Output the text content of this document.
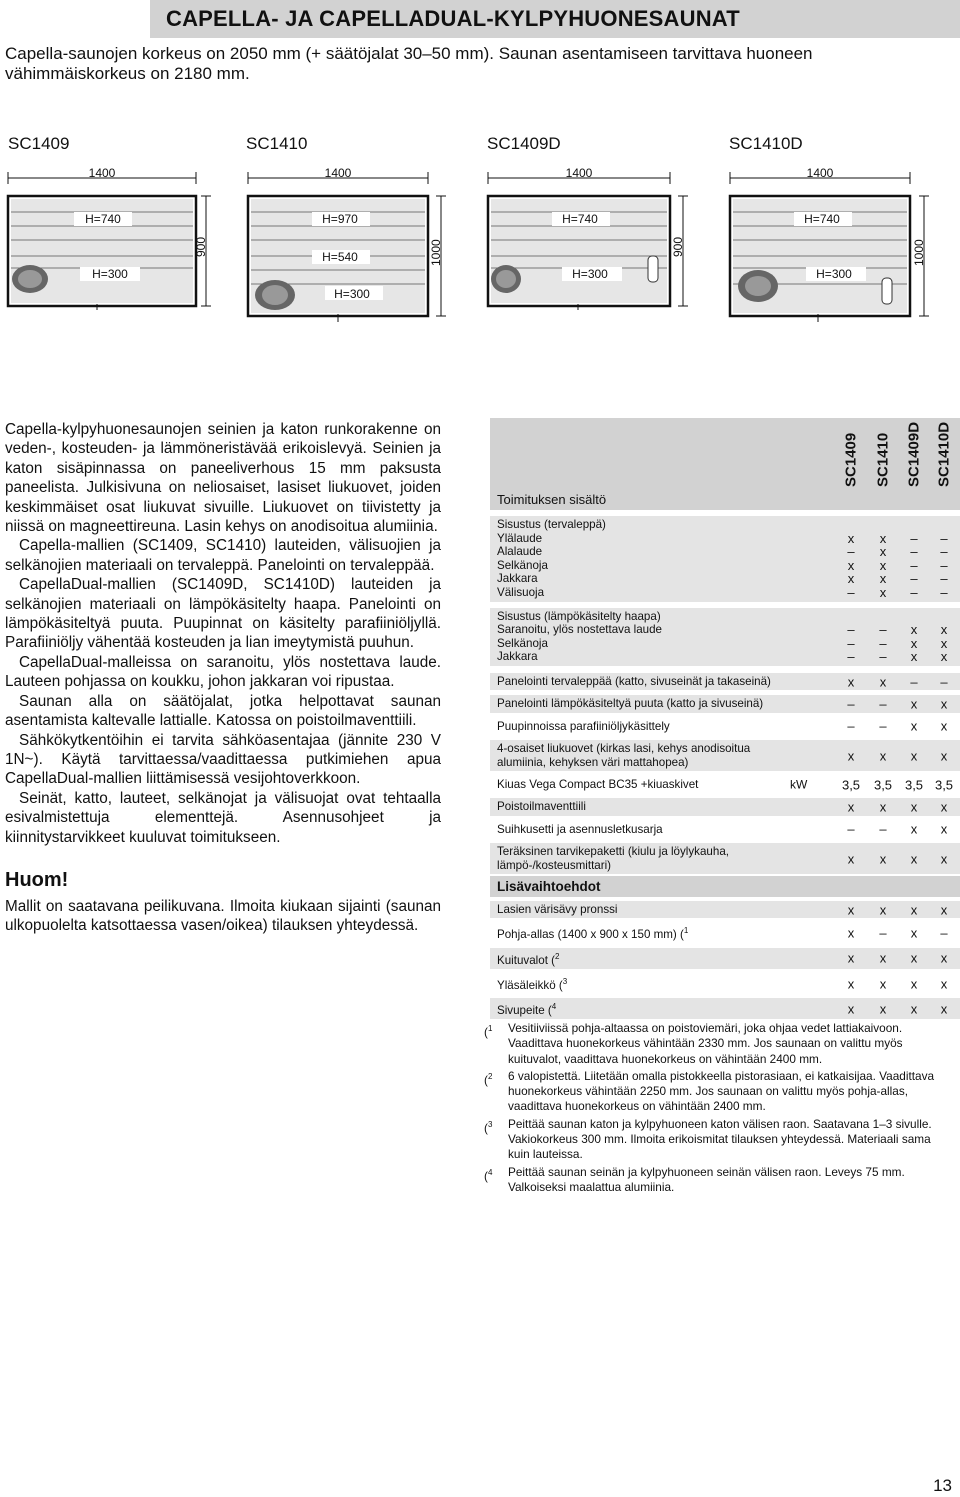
CAPELLA- JA CAPELLADUAL-KYLPYHUONESAUNAT
Capella-saunojen korkeus on 2050 mm (+ säätöjalat 30–50 mm). Saunan asentamiseen tarvittava huoneen vähimmäiskorkeus on 2180 mm.
SC1409	SC1410	SC1409D	SC1410D
1400
H=740
H=300
900
1400
H=970
H=540
H=300
1000
1400
H=740
H=300
900
1400
H=740
H=300
1000

Capella-kylpyhuonesaunojen seinien ja katon runkorakenne on veden-, kosteuden- ja lämmöneristävää erikoislevyä. Seinien ja katon sisäpinnassa on paneeliverhous 15 mm paksusta paneelista. Julkisivuna on neliosaiset, lasiset liukuovet, joiden keskimmäiset osat liukuvat sivuille. Liukuovet on tiivistetty ja niissä on magneettireuna. Lasin kehys on anodisoitua alumiinia.

Capella-mallien (SC1409, SC1410) lauteiden, välisuojien ja selkänojien materiaali on tervaleppä. Panelointi on tervaleppää.

CapellaDual-mallien (SC1409D, SC1410D) lauteiden ja selkänojien materiaali on lämpökäsitelty haapa. Panelointi on lämpökäsiteltyä puuta. Puupinnat on käsitelty parafiiniöljyllä. Parafiiniöljy vähentää kosteuden ja lian imeytymistä puuhun.

CapellaDual-malleissa on saranoitu, ylös nostettava laude. Lauteen pohjassa on koukku, johon jakkaran voi ripustaa.

Saunan alla on säätöjalat, jotka helpottavat saunan asentamista kaltevalle lattialle. Katossa on poistoilmaventtiili.

Sähkökytkentöihin ei tarvita sähköasentajaa (jännite 230 V 1N~). Käytä tarvittaessa/vaadittaessa putkimiehen apua CapellaDual-mallien liittämisessä vesijohtoverkkoon.

Seinät, katto, lauteet, selkänojat ja välisuojat ovat tehtaalla esivalmistettuja elementtejä. Asennusohjeet ja kiinnitystarvikkeet kuuluvat toimitukseen.

Huom!

Mallit on saatavana peilikuvana. Ilmoita kiukaan sijainti (saunan ulkopuolelta katsottaessa vasen/oikea) tilauksen yhteydessä.

Toimituksen sisältö
SC1409 SC1410 SC1409D SC1410D
Sisustus (tervaleppä)
Ylälaude	x x – –
Alalaude	– x – –
Selkänoja	x x – –
Jakkara	x x – –
Välisuoja	– x – –
Sisustus (lämpökäsitelty haapa)
Saranoitu, ylös nostettava laude	– – x x
Selkänoja	– – x x
Jakkara	– – x x
Panelointi tervaleppää (katto, sivuseinät ja takaseinä)	x x – –
Panelointi lämpökäsiteltyä puuta (katto ja sivuseinä)	– – x x
Puupinnoissa parafiiniöljykäsittely	– – x x
4-osaiset liukuovet (kirkas lasi, kehys anodisoitua alumiinia, kehyksen väri mattahopea)	x x x x
Kiuas Vega Compact BC35 +kiuaskivet	kW	3,5 3,5 3,5 3,5
Poistoilmaventtiili	x x x x
Suihkusetti ja asennusletkusarja	– – x x
Teräksinen tarvikepaketti (kiulu ja löylykauha, lämpö-/kosteusmittari)	x x x x
Lisävaihtoehdot
Lasien värisävy pronssi	x x x x
Pohja-allas (1400 x 900 x 150 mm) ($^1$	x – x –
Kuituvalot ($^2$	x x x x
Yläsäleikkö ($^3$	x x x x
Sivupeite ($^4$	x x x x
($^1$ Vesitiiviissä pohja-altaassa on poistoviemäri, joka ohjaa vedet lattiakaivoon. Vaadittava huonekorkeus vähintään 2330 mm. Jos saunaan on valittu myös kuituvalot, vaadittava huonekorkeus on vähintään 2400 mm.
($^2$ 6 valopistettä. Liitetään omalla pistokkeella pistorasiaan, ei katkaisijaa. Vaadittava huonekorkeus vähintään 2250 mm. Jos saunaan on valittu myös pohja-allas, vaadittava huonekorkeus on vähintään 2400 mm.
($^3$ Peittää saunan katon ja kylpyhuoneen katon välisen raon. Saatavana 1–3 sivulle. Vakiokorkeus 300 mm. Ilmoita erikoismitat tilauksen yhteydessä. Materiaali sama kuin lauteissa.
($^4$ Peittää saunan seinän ja kylpyhuoneen seinän välisen raon. Leveys 75 mm. Valkoiseksi maalattua alumiinia.
13
